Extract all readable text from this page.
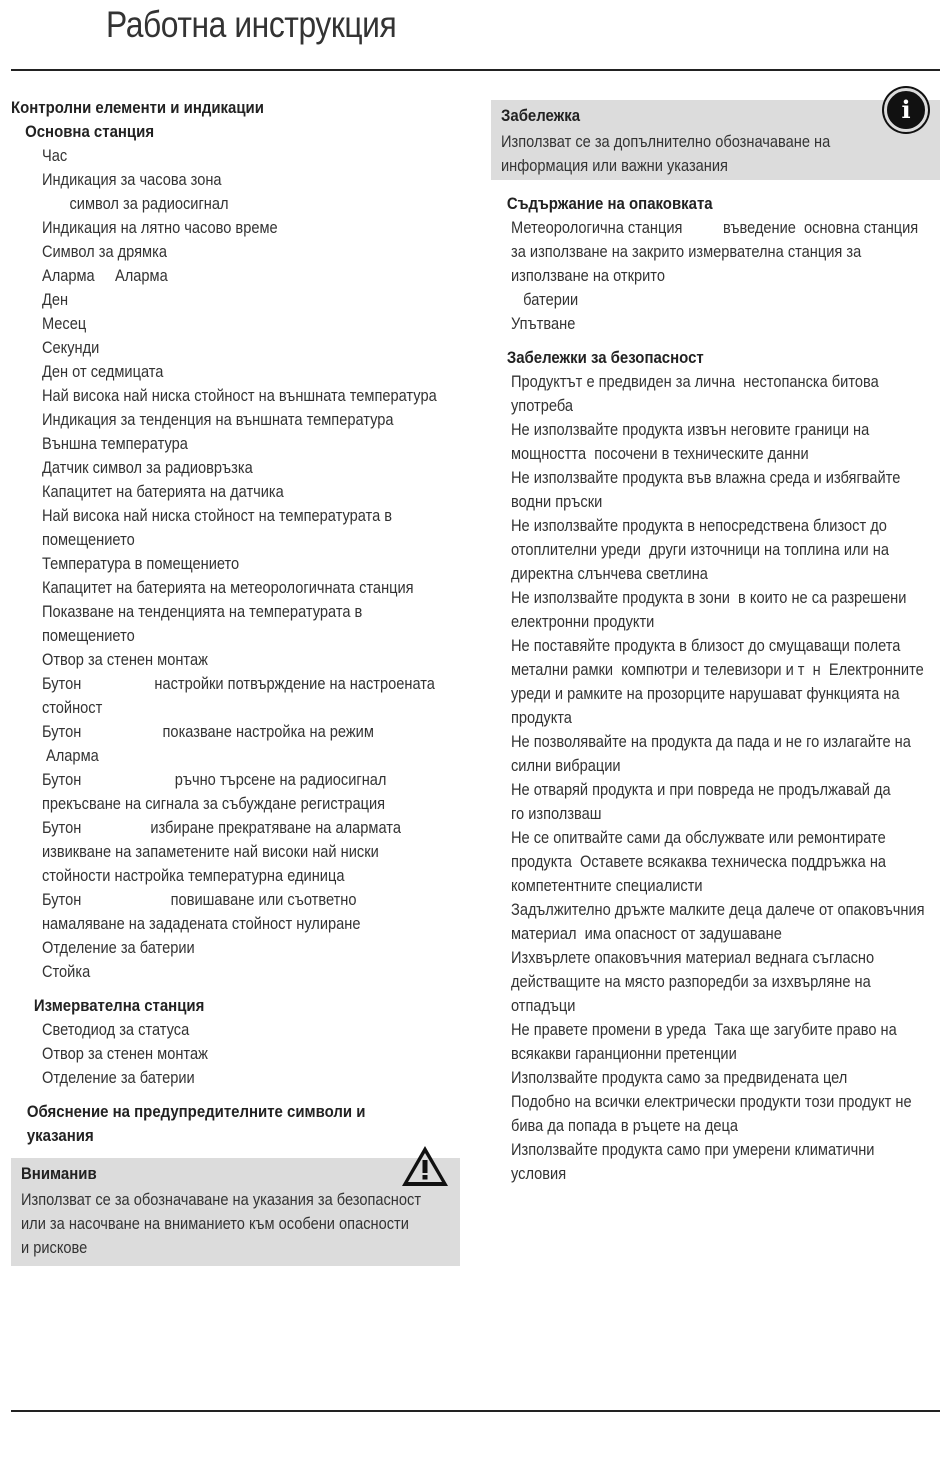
Работна инструкция
Контролни елементи и индикации
Основна станция
Час
Индикация за часова зона
символ за радиосигнал
Индикация на лятно часово време
Символ за дрямка
Аларма     Аларма
Ден
Месец
Секунди
Ден от седмицата
Най висока най ниска стойност на външната температура
Индикация за тенденция на външната температура
Външна температура
Датчик символ за радиовръзка
Капацитет на батерията на датчика
Най висока най ниска стойност на температурата в
помещението
Температура в помещението
Капацитет на батерията на метеорологичната станция
Показване на тенденцията на температурата в
помещението
Отвор за стенен монтаж
Бутон                  настройки потвърждение на настроената
стойност
Бутон                    показване настройка на режим
Аларма
Бутон                       ръчно търсене на радиосигнал
прекъсване на сигнала за събуждане регистрация
Бутон                 избиране прекратяване на алармата
извикване на запаметените най високи най ниски
стойности настройка температурна единица
Бутон                      повишаване или съответно
намаляване на зададената стойност нулиране
Отделение за батерии
Стойка
Измервателна станция
Светодиод за статуса
Отвор за стенен монтаж
Отделение за батерии
Обяснение на предупредителните символи и
указания
Вниманив
Използват се за обозначаване на указания за безопасност
или за насочване на вниманието към особени опасности
и рискове
i
Забележка
Използват се за допълнително обозначаване на
информация или важни указания
Съдържание на опаковката
Метеорологична станция          въведение  основна станция
за използване на закрито измервателна станция за
използване на открито
батерии
Упътване
Забележки за безопасност
Продуктът е предвиден за лична  нестопанска битова
употреба
Не използвайте продукта извън неговите граници на
мощността  посочени в техническите данни
Не използвайте продукта във влажна среда и избягвайте
водни пръски
Не използвайте продукта в непосредствена близост до
отоплителни уреди  други източници на топлина или на
директна слънчева светлина
Не използвайте продукта в зони  в които не са разрешени
електронни продукти
Не поставяйте продукта в близост до смущаващи полета
метални рамки  компютри и телевизори и т  н  Електронните
уреди и рамките на прозорците нарушават функцията на
продукта
Не позволявайте на продукта да пада и не го излагайте на
силни вибрации
Не отваряй продукта и при повреда не продължавай да
го използваш
Не се опитвайте сами да обслужвате или ремонтирате
продукта  Оставете всякаква техническа поддръжка на
компетентните специалисти
Задължително дръжте малките деца далече от опаковъчния
материал  има опасност от задушаване
Изхвърлете опаковъчния материал веднага съгласно
действащите на място разпоредби за изхвърляне на
отпадъци
Не правете промени в уреда  Така ще загубите право на
всякакви гаранционни претенции
Използвайте продукта само за предвидената цел
Подобно на всички електрически продукти този продукт не
бива да попада в ръцете на деца
Използвайте продукта само при умерени климатични
условия
